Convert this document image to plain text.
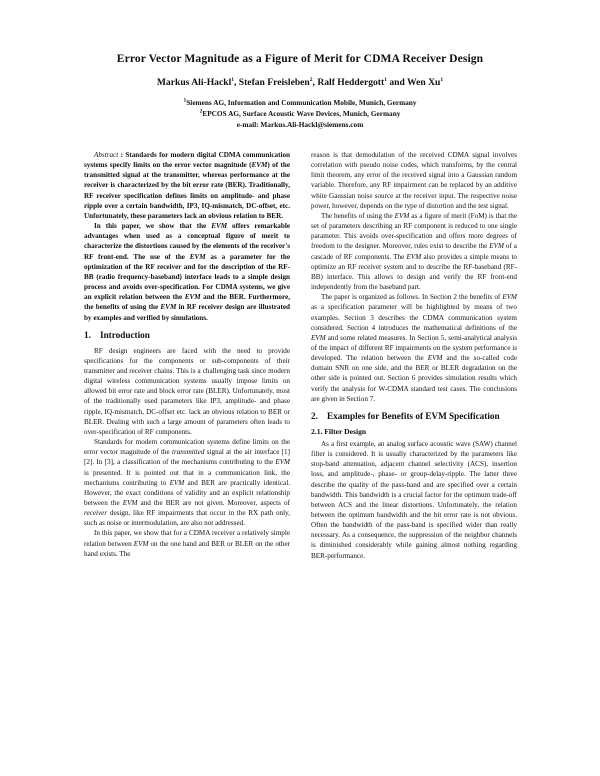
Error Vector Magnitude as a Figure of Merit for CDMA Receiver Design
Markus Ali-Hackl$^1$, Stefan Freisleben$^2$, Ralf Heddergott$^1$ and Wen Xu$^1$
$^1$Siemens AG, Information and Communication Mobile, Munich, Germany
$^2$EPCOS AG, Surface Acoustic Wave Devices, Munich, Germany
e-mail: Markus.Ali-Hackl@siemens.com

Abstract : Standards for modern digital CDMA communication systems specify limits on the error vector magnitude (EVM) of the transmitted signal at the transmitter, whereas performance at the receiver is characterized by the bit error rate (BER). Traditionally, RF receiver specification defines limits on amplitude- and phase ripple over a certain bandwidth, IP3, IQ-mismatch, DC-offset, etc. Unfortunately, these parameters lack an obvious relation to BER.

In this paper, we show that the EVM offers remarkable advantages when used as a conceptual figure of merit to characterize the distortions caused by the elements of the receiver's RF front-end. The use of the EVM as a parameter for the optimization of the RF receiver and for the description of the RF-BB (radio frequency-baseband) interface leads to a simple design process and avoids over-specification. For CDMA systems, we give an explicit relation between the EVM and the BER. Furthermore, the benefits of using the EVM in RF receiver design are illustrated by examples and verified by simulations.

1. Introduction

RF design engineers are faced with the need to provide specifications for the components or sub-components of their transmitter and receiver chains. This is a challenging task since modern digital wireless communication systems usually impose limits on allowed bit error rate and block error rate (BLER). Unfortunately, most of the traditionally used parameters like IP3, amplitude- and phase ripple, IQ-mismatch, DC-offset etc. lack an obvious relation to BER or BLER. Dealing with such a large amount of parameters often leads to over-specification of RF components.

Standards for modern communication systems define limits on the error vector magnitude of the transmitted signal at the air interface [1][2]. In [3], a classification of the mechanisms contributing to the EVM is presented. It is pointed out that in a communication link, the mechanisms contributing to EVM and BER are practically identical. However, the exact conditions of validity and an explicit relationship between the EVM and the BER are not given. Moreover, aspects of receiver design, like RF impairments that occur in the RX path only, such as noise or intermodulation, are also not addressed.

In this paper, we show that for a CDMA receiver a relatively simple relation between EVM on the one hand and BER or BLER on the other hand exists. The

reason is that demodulation of the received CDMA signal involves correlation with pseudo noise codes, which transforms, by the central limit theorem, any error of the received signal into a Gaussian random variable. Therefore, any RF impairment can be replaced by an additive white Gaussian noise source at the receiver input. The respective noise power, however, depends on the type of distortion and the test signal.

The benefits of using the EVM as a figure of merit (FoM) is that the set of parameters describing an RF component is reduced to one single parameter. This avoids over-specification and offers more degrees of freedom to the designer. Moreover, rules exist to describe the EVM of a cascade of RF components. The EVM also provides a simple means to optimize an RF receiver system and to describe the RF-baseband (RF-BB) interface. This allows to design and verify the RF front-end independently from the baseband part.

The paper is organized as follows. In Section 2 the benefits of EVM as a specification parameter will be highlighted by means of two examples. Section 3 describes the CDMA communication system considered. Section 4 introduces the mathematical definitions of the EVM and some related measures. In Section 5, semi-analytical analysis of the impact of different RF impairments on the system performance is developed. The relation between the EVM and the so-called code domain SNR on one side, and the BER or BLER degradation on the other side is pointed out. Section 6 provides simulation results which verify the analysis for W-CDMA standard test cases. The conclusions are given in Section 7.

2. Examples for Benefits of EVM Specification
2.1. Filter Design

As a first example, an analog surface acoustic wave (SAW) channel filter is considered. It is usually characterized by the parameters like stop-band attenuation, adjacent channel selectivity (ACS), insertion loss, and amplitude-, phase- or group-delay-ripple. The latter three describe the quality of the pass-band and are specified over a certain bandwidth. This bandwidth is a crucial factor for the optimum trade-off between ACS and the linear distortions. Unfortunately, the relation between the optimum bandwidth and the bit error rate is not obvious. Often the bandwidth of the pass-band is specified wider than really necessary. As a consequence, the suppression of the neighbor channels is diminished considerably while gaining almost nothing regarding BER-performance.
